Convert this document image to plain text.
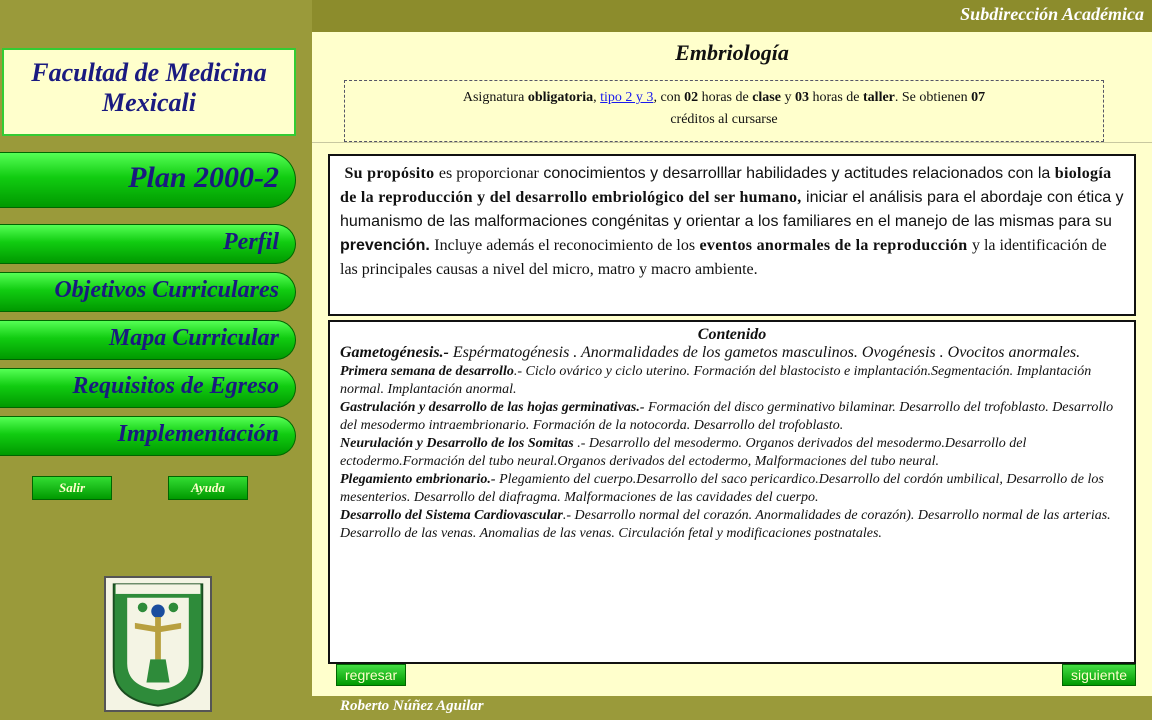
Subdirección Académica
Facultad de Medicina
Mexicali
Plan 2000-2
Perfil
Objetivos Curriculares
Mapa Curricular
Requisitos de Egreso
Implementación
Salir	Ayuda
Embriología
Asignatura obligatoria, tipo 2 y 3, con 02 horas de clase y 03 horas de taller. Se obtienen 07
créditos al cursarse
Su propósito es proporcionar conocimientos y desarrolllar habilidades y actitudes relacionados con la biología de la reproducción y del desarrollo embriológico del ser humano, iniciar el análisis para el abordaje con ética y humanismo de las malformaciones congénitas y orientar a los familiares en el manejo de las mismas para su prevención. Incluye además el reconocimiento de los eventos anormales de la reproducción y la identificación de las principales causas a nivel del micro, matro y macro ambiente.
Contenido
Gametogénesis.- Espérmatogénesis . Anormalidades de los gametos masculinos. Ovogénesis . Ovocitos anormales.
Primera semana de desarrollo.- Ciclo ovárico y ciclo uterino. Formación del blastocisto e implantación.Segmentación. Implantación normal. Implantación anormal.
Gastrulación y desarrollo de las hojas germinativas.- Formación del disco germinativo bilaminar. Desarrollo del trofoblasto. Desarrollo del mesodermo intraembrionario. Formación de la notocorda. Desarrollo del trofoblasto.
Neurulación y Desarrollo de los Somitas .- Desarrollo del mesodermo. Organos derivados del mesodermo.Desarrollo del ectodermo.Formación del tubo neural.Organos derivados del ectodermo, Malformaciones del tubo neural.
Plegamiento embrionario.- Plegamiento del cuerpo.Desarrollo del saco pericardico.Desarrollo del cordón umbilical, Desarrollo de los mesenterios. Desarrollo del diafragma. Malformaciones de las cavidades del cuerpo.
Desarrollo del Sistema Cardiovascular.- Desarrollo normal del corazón. Anormalidades de corazón). Desarrollo normal de las arterias. Desarrollo de las venas. Anomalias de las venas. Circulación fetal y modificaciones postnatales.
regresar	siguiente
Roberto Núñez Aguilar
